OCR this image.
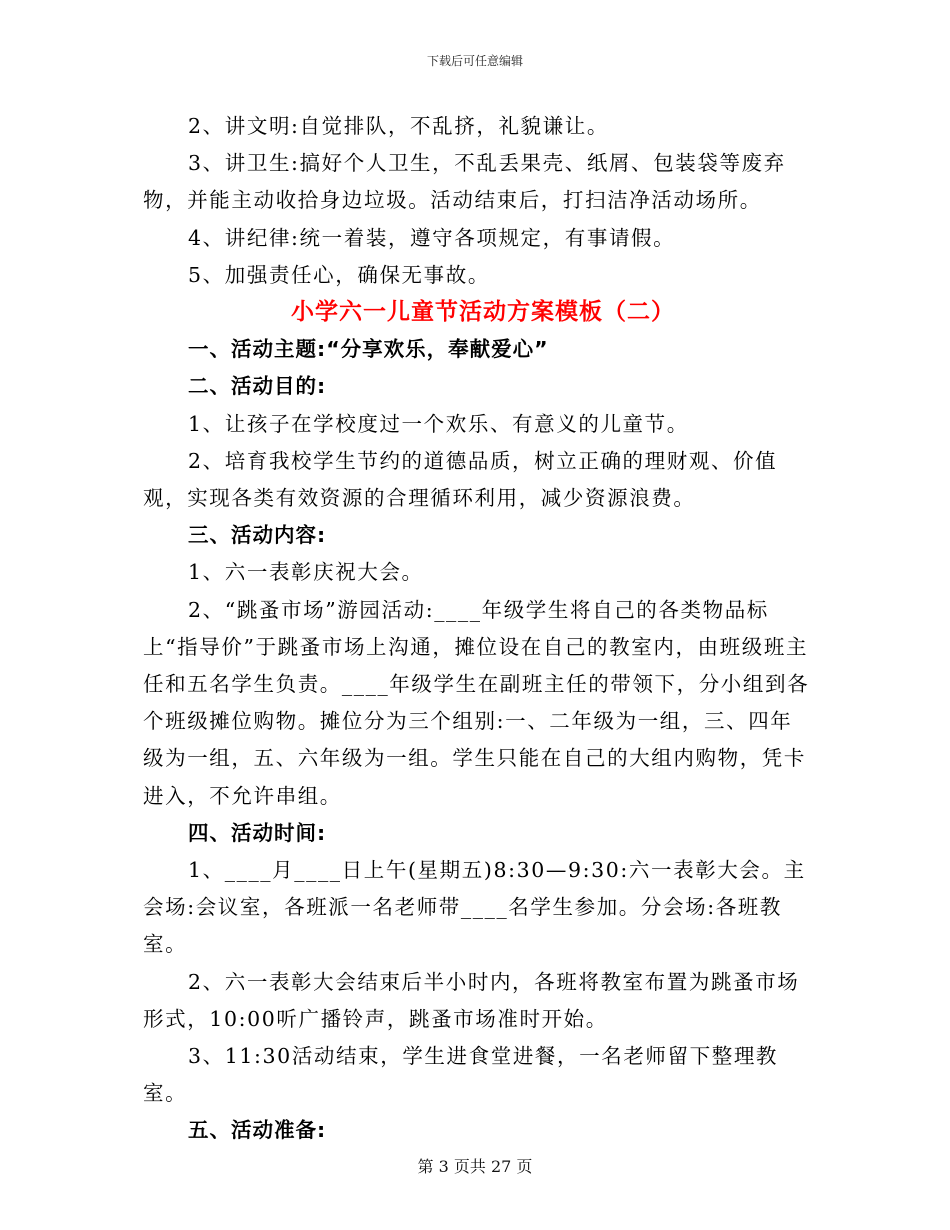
下载后可任意编辑

2、讲文明:自觉排队，不乱挤，礼貌谦让。

3、讲卫生:搞好个人卫生，不乱丢果壳、纸屑、包装袋等废弃物，并能主动收拾身边垃圾。活动结束后，打扫洁净活动场所。

4、讲纪律:统一着装，遵守各项规定，有事请假。

5、加强责任心，确保无事故。

小学六一儿童节活动方案模板（二）

一、活动主题:“分享欢乐，奉献爱心”

二、活动目的:

1、让孩子在学校度过一个欢乐、有意义的儿童节。

2、培育我校学生节约的道德品质，树立正确的理财观、价值观，实现各类有效资源的合理循环利用，减少资源浪费。

三、活动内容:

1、六一表彰庆祝大会。

2、“跳蚤市场”游园活动:____年级学生将自己的各类物品标上“指导价”于跳蚤市场上沟通，摊位设在自己的教室内，由班级班主任和五名学生负责。____年级学生在副班主任的带领下，分小组到各个班级摊位购物。摊位分为三个组别:一、二年级为一组，三、四年级为一组，五、六年级为一组。学生只能在自己的大组内购物，凭卡进入，不允许串组。

四、活动时间:

1、____月____日上午(星期五)8:30—9:30:六一表彰大会。主会场:会议室，各班派一名老师带____名学生参加。分会场:各班教室。

2、六一表彰大会结束后半小时内，各班将教室布置为跳蚤市场形式，10:00听广播铃声，跳蚤市场准时开始。

3、11:30活动结束，学生进食堂进餐，一名老师留下整理教室。

五、活动准备:

第 3 页共 27 页
